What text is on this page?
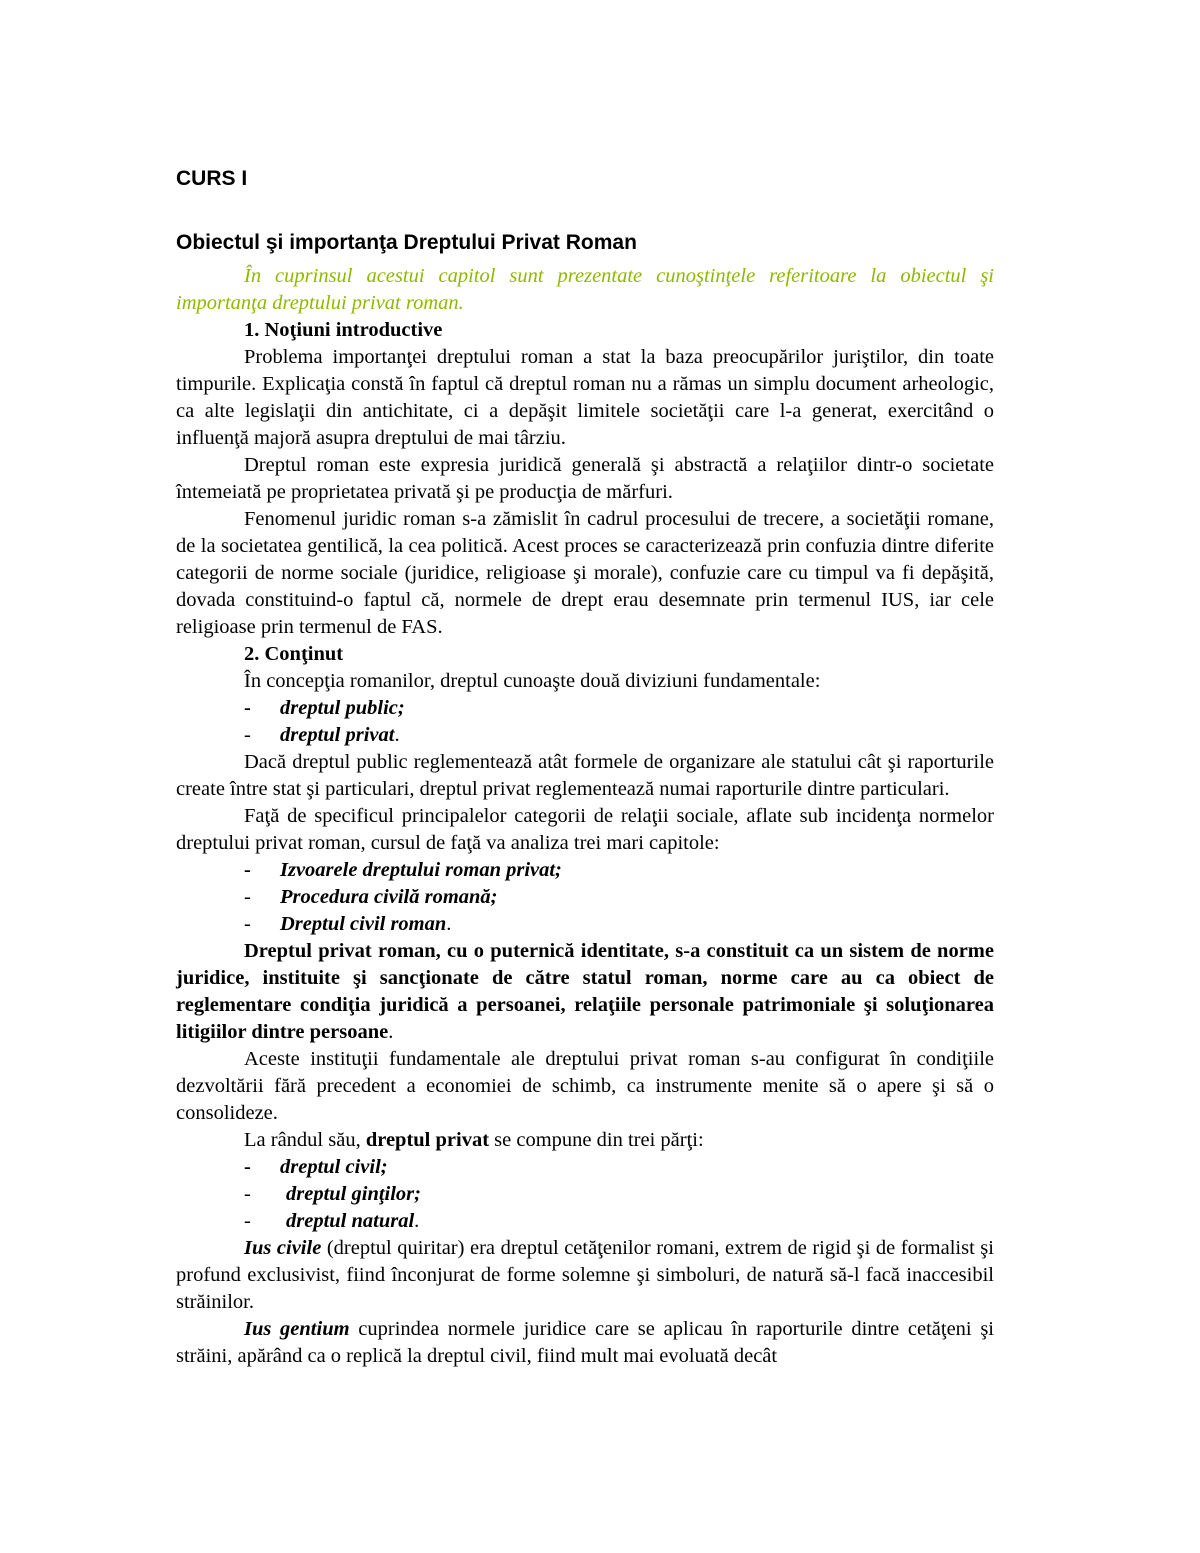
CURS I
Obiectul şi importanţa Dreptului Privat Roman

În cuprinsul acestui capitol sunt prezentate cunoştinţele referitoare la obiectul şi importanţa dreptului privat roman.

1. Noţiuni introductive

Problema importanţei dreptului roman a stat la baza preocupărilor juriştilor, din toate timpurile. Explicaţia constă în faptul că dreptul roman nu a rămas un simplu document arheologic, ca alte legislaţii din antichitate, ci a depăşit limitele societăţii care l-a generat, exercitând o influenţă majoră asupra dreptului de mai târziu.

Dreptul roman este expresia juridică generală şi abstractă a relaţiilor dintr-o societate întemeiată pe proprietatea privată şi pe producţia de mărfuri.

Fenomenul juridic roman s-a zămislit în cadrul procesului de trecere, a societăţii romane, de la societatea gentilică, la cea politică. Acest proces se caracterizează prin confuzia dintre diferite categorii de norme sociale (juridice, religioase şi morale), confuzie care cu timpul va fi depăşită, dovada constituind-o faptul că, normele de drept erau desemnate prin termenul IUS, iar cele religioase prin termenul de FAS.

2. Conţinut

În concepţia romanilor, dreptul cunoaşte două diviziuni fundamentale:

- dreptul public;

- dreptul privat.

Dacă dreptul public reglementează atât formele de organizare ale statului cât şi raporturile create între stat şi particulari, dreptul privat reglementează numai raporturile dintre particulari.

Faţă de specificul principalelor categorii de relaţii sociale, aflate sub incidenţa normelor dreptului privat roman, cursul de faţă va analiza trei mari capitole:

- Izvoarele dreptului roman privat;

- Procedura civilă romană;

- Dreptul civil roman.

Dreptul privat roman, cu o puternică identitate, s-a constituit ca un sistem de norme juridice, instituite şi sancţionate de către statul roman, norme care au ca obiect de reglementare condiţia juridică a persoanei, relaţiile personale patrimoniale şi soluţionarea litigiilor dintre persoane.

Aceste instituţii fundamentale ale dreptului privat roman s-au configurat în condiţiile dezvoltării fără precedent a economiei de schimb, ca instrumente menite să o apere şi să o consolideze.

La rândul său, dreptul privat se compune din trei părţi:

- dreptul civil;

- dreptul ginţilor;

- dreptul natural.

Ius civile (dreptul quiritar) era dreptul cetăţenilor romani, extrem de rigid şi de formalist şi profund exclusivist, fiind înconjurat de forme solemne şi simboluri, de natură să-l facă inaccesibil străinilor.

Ius gentium cuprindea normele juridice care se aplicau în raporturile dintre cetăţeni şi străini, apărând ca o replică la dreptul civil, fiind mult mai evoluată decât
